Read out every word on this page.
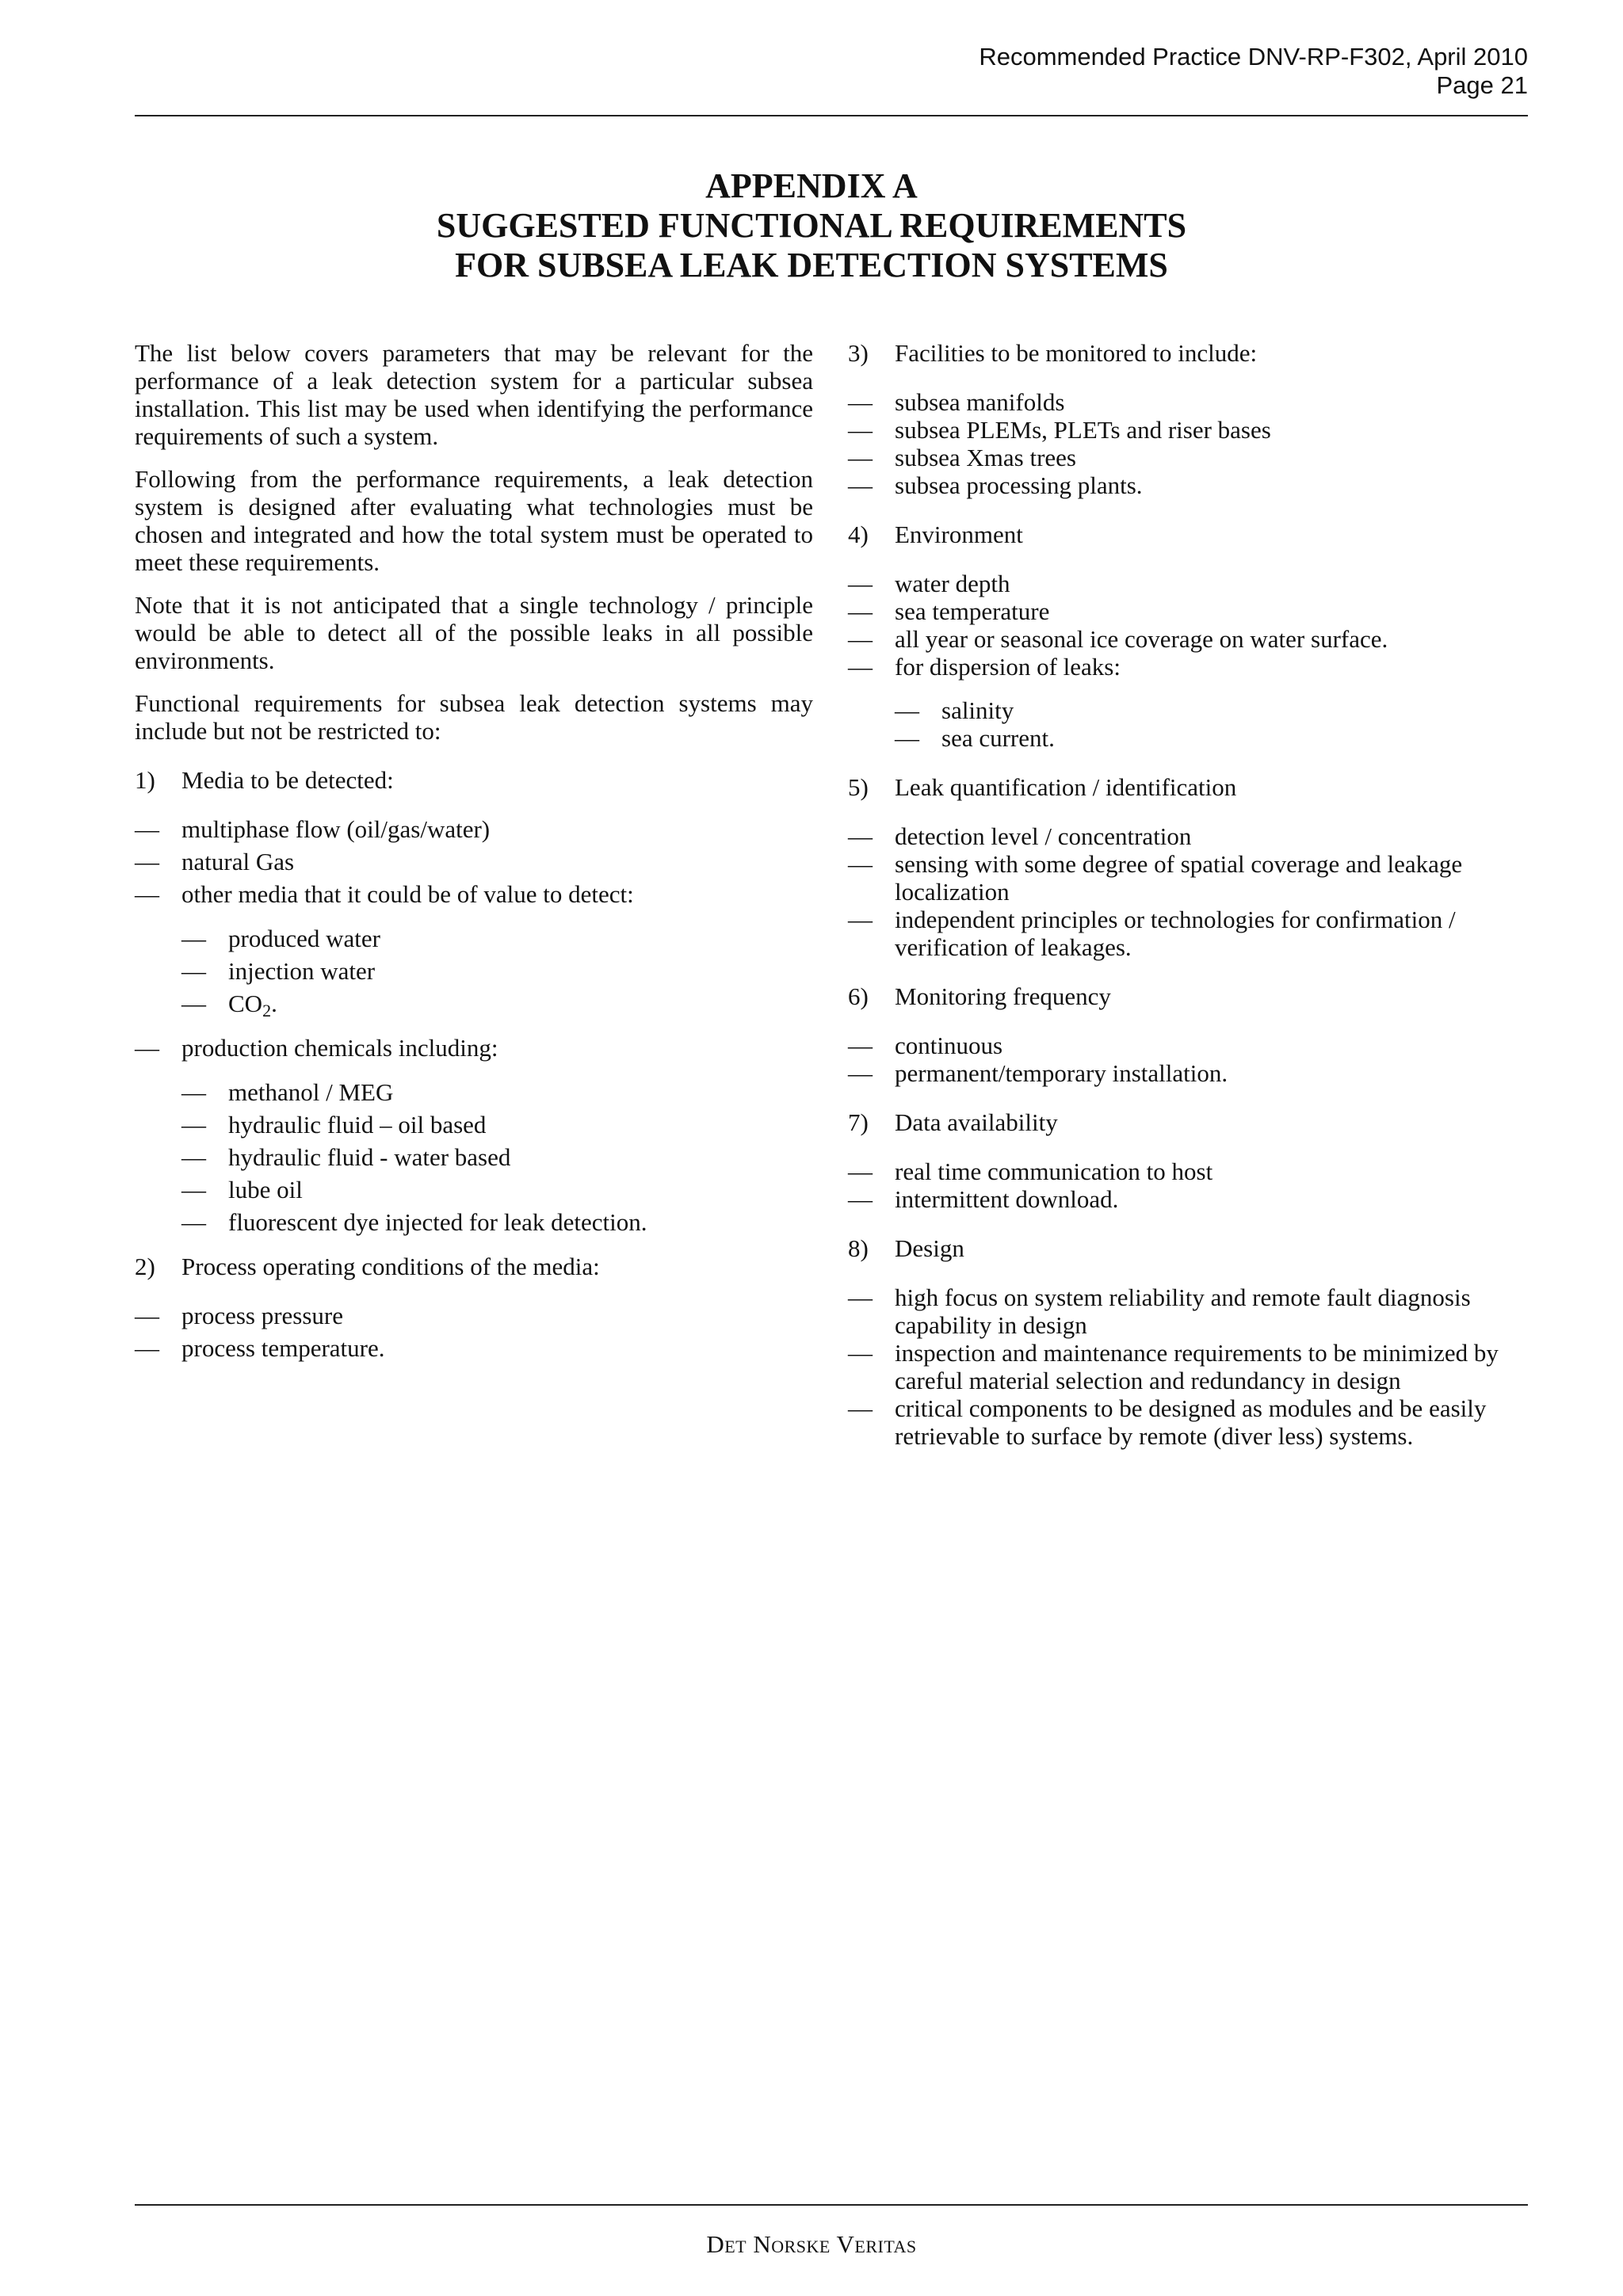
Recommended Practice DNV-RP-F302, April 2010
Page 21
APPENDIX A
SUGGESTED FUNCTIONAL REQUIREMENTS
FOR SUBSEA LEAK DETECTION SYSTEMS

The list below covers parameters that may be relevant for the performance of a leak detection system for a particular subsea installation. This list may be used when identifying the performance requirements of such a system.

Following from the performance requirements, a leak detection system is designed after evaluating what technologies must be chosen and integrated and how the total system must be operated to meet these requirements.

Note that it is not anticipated that a single technology / principle would be able to detect all of the possible leaks in all possible environments.

Functional requirements for subsea leak detection systems may include but not be restricted to:

1)	Media to be detected:
— multiphase flow (oil/gas/water)
— natural Gas
— other media that it could be of value to detect:
— produced water
— injection water
— $CO_2$.
— production chemicals including:
— methanol / MEG
— hydraulic fluid – oil based
— hydraulic fluid - water based
— lube oil
— fluorescent dye injected for leak detection.
2)	Process operating conditions of the media:
— process pressure
— process temperature.
3)	Facilities to be monitored to include:
— subsea manifolds
— subsea PLEMs, PLETs and riser bases
— subsea Xmas trees
— subsea processing plants.
4)	Environment
— water depth
— sea temperature
— all year or seasonal ice coverage on water surface.
— for dispersion of leaks:
— salinity
— sea current.
5)	Leak quantification / identification
— detection level / concentration
— sensing with some degree of spatial coverage and leakage localization
— independent principles or technologies for confirmation / verification of leakages.
6)	Monitoring frequency
— continuous
— permanent/temporary installation.
7)	Data availability
— real time communication to host
— intermittent download.
8)	Design
— high focus on system reliability and remote fault diagnosis capability in design
— inspection and maintenance requirements to be minimized by careful material selection and redundancy in design
— critical components to be designed as modules and be easily retrievable to surface by remote (diver less) systems.
Det Norske Veritas
